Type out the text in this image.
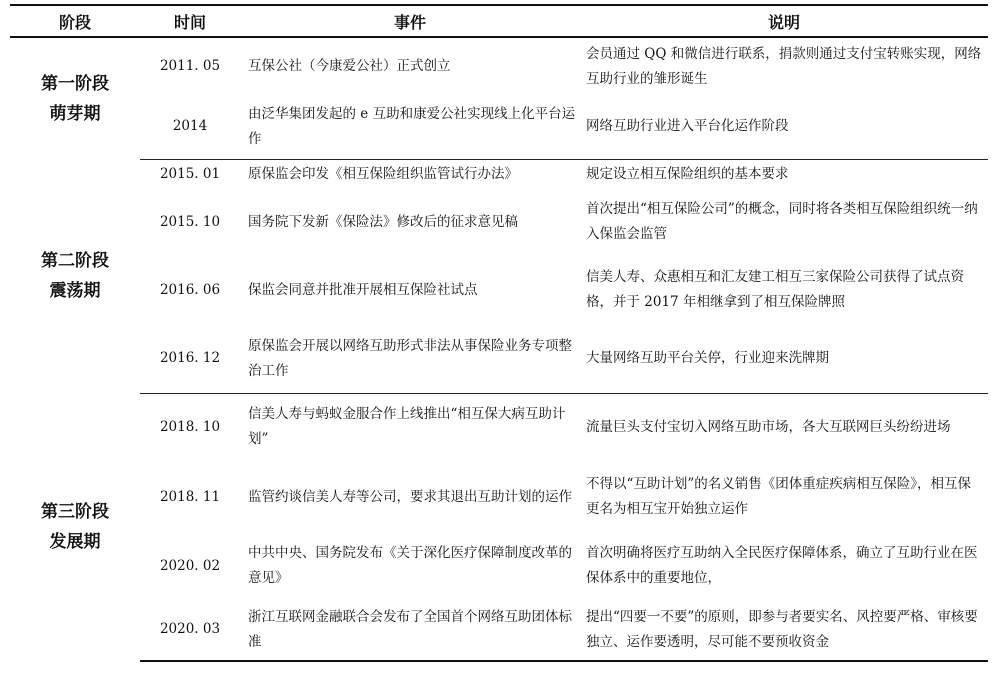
阶段	时间	事件	说明

第一阶段
萌芽期	2011. 05	互保公社（今康爱公社）正式创立	会员通过 QQ 和微信进行联系，捐款则通过支付宝转账实现，网络互助行业的雏形诞生
	2014	由泛华集团发起的 e 互助和康爱公社实现线上化平台运作	网络互助行业进入平台化运作阶段

第二阶段
震荡期	2015. 01	原保监会印发《相互保险组织监管试行办法》	规定设立相互保险组织的基本要求
	2015. 10	国务院下发新《保险法》修改后的征求意见稿	首次提出“相互保险公司”的概念，同时将各类相互保险组织统一纳入保监会监管
	2016. 06	保监会同意并批准开展相互保险社试点	信美人寿、众惠相互和汇友建工相互三家保险公司获得了试点资格，并于 2017 年相继拿到了相互保险牌照
	2016. 12	原保监会开展以网络互助形式非法从事保险业务专项整治工作	大量网络互助平台关停，行业迎来洗牌期

第三阶段
发展期	2018. 10	信美人寿与蚂蚁金服合作上线推出“相互保大病互助计划”	流量巨头支付宝切入网络互助市场，各大互联网巨头纷纷进场
	2018. 11	监管约谈信美人寿等公司，要求其退出互助计划的运作	不得以“互助计划”的名义销售《团体重症疾病相互保险》，相互保更名为相互宝开始独立运作
	2020. 02	中共中央、国务院发布《关于深化医疗保障制度改革的意见》	首次明确将医疗互助纳入全民医疗保障体系，确立了互助行业在医保体系中的重要地位，
	2020. 03	浙江互联网金融联合会发布了全国首个网络互助团体标准	提出“四要一不要”的原则，即参与者要实名、风控要严格、审核要独立、运作要透明，尽可能不要预收资金
